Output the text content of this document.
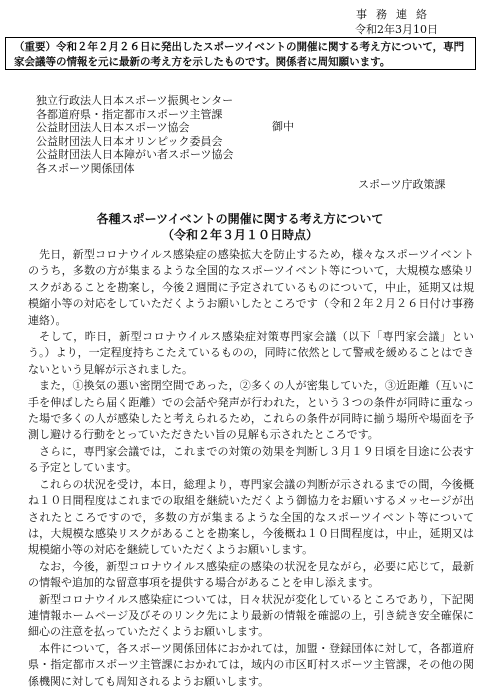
事務連絡
令和2年3月10日
（重要）令和２年２月２６日に発出したスポーツイベントの開催に関する考え方について，専門家会議等の情報を元に最新の考え方を示したものです。関係者に周知願います。
独立行政法人日本スポーツ振興センター
各都道府県・指定都市スポーツ主管課
公益財団法人日本スポーツ協会
公益財団法人日本オリンピック委員会
公益財団法人日本障がい者スポーツ協会
各スポーツ関係団体
御中
スポーツ庁政策課
各種スポーツイベントの開催に関する考え方について
（令和２年３月１０日時点）

先日，新型コロナウイルス感染症の感染拡大を防止するため，様々なスポーツイベントのうち，多数の方が集まるような全国的なスポーツイベント等について，大規模な感染リスクがあることを勘案し，今後２週間に予定されているものについて，中止，延期又は規模縮小等の対応をしていただくようお願いしたところです（令和２年２月２６日付け事務連絡）。

そして，昨日，新型コロナウイルス感染症対策専門家会議（以下「専門家会議」という。）より，一定程度持ちこたえているものの，同時に依然として警戒を緩めることはできないという見解が示されました。

また，①換気の悪い密閉空間であった，②多くの人が密集していた，③近距離（互いに手を伸ばしたら届く距離）での会話や発声が行われた，という３つの条件が同時に重なった場で多くの人が感染したと考えられるため，これらの条件が同時に揃う場所や場面を予測し避ける行動をとっていただきたい旨の見解も示されたところです。

さらに，専門家会議では，これまでの対策の効果を判断し３月１９日頃を目途に公表する予定としています。

これらの状況を受け，本日，総理より，専門家会議の判断が示されるまでの間，今後概ね１０日間程度はこれまでの取組を継続いただくよう御協力をお願いするメッセージが出されたところですので，多数の方が集まるような全国的なスポーツイベント等については，大規模な感染リスクがあることを勘案し，今後概ね１０日間程度は，中止，延期又は規模縮小等の対応を継続していただくようお願いします。

なお，今後，新型コロナウイルス感染症の感染の状況を見ながら，必要に応じて，最新の情報や追加的な留意事項を提供する場合があることを申し添えます。

新型コロナウイルス感染症については，日々状況が変化しているところであり，下記関連情報ホームページ及びそのリンク先により最新の情報を確認の上，引き続き安全確保に細心の注意を払っていただくようお願いします。

本件について，各スポーツ関係団体におかれては，加盟・登録団体に対して，各都道府県・指定都市スポーツ主管課におかれては，域内の市区町村スポーツ主管課，その他の関係機関に対しても周知されるようお願いします。
